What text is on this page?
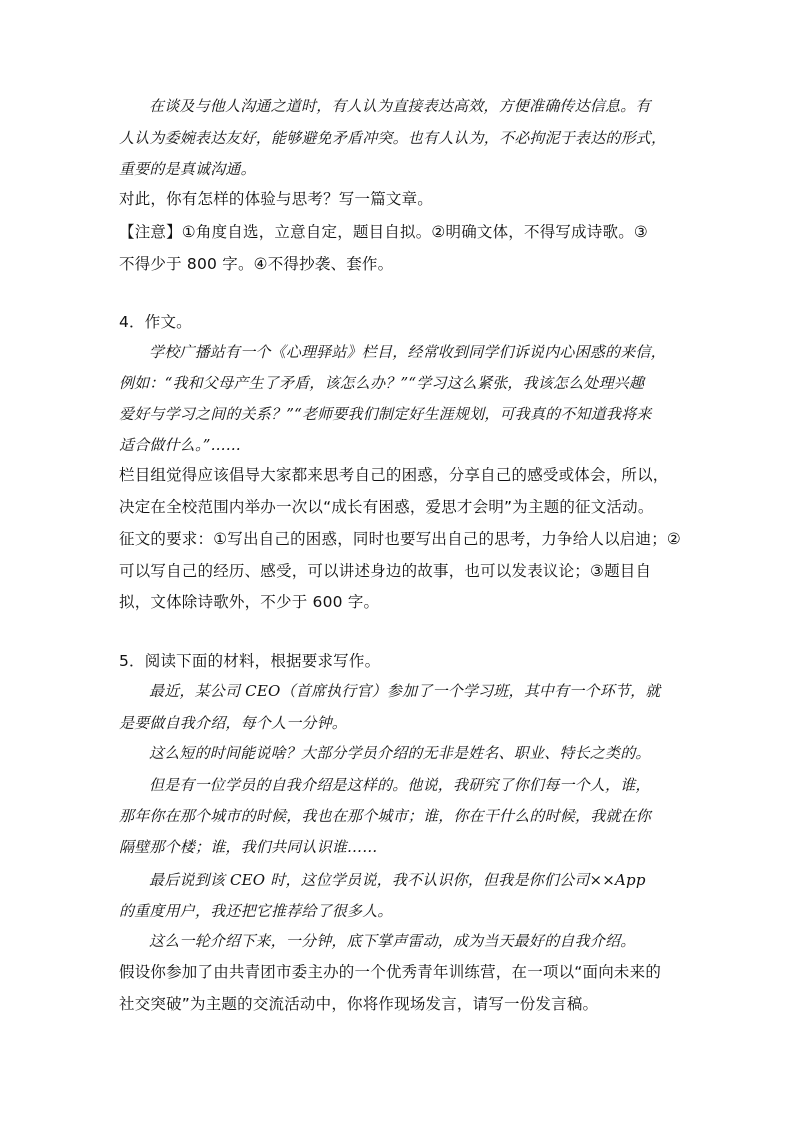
在谈及与他人沟通之道时，有人认为直接表达高效，方便准确传达信息。有
人认为委婉表达友好，能够避免矛盾冲突。也有人认为，不必拘泥于表达的形式，
重要的是真诚沟通。
对此，你有怎样的体验与思考？写一篇文章。
【注意】①角度自选，立意自定，题目自拟。②明确文体，不得写成诗歌。③
不得少于 800 字。④不得抄袭、套作。
4．作文。
学校广播站有一个《心理驿站》栏目，经常收到同学们诉说内心困惑的来信，
例如：“我和父母产生了矛盾，该怎么办？”“学习这么紧张，我该怎么处理兴趣
爱好与学习之间的关系？”“老师要我们制定好生涯规划，可我真的不知道我将来
适合做什么。”……
栏目组觉得应该倡导大家都来思考自己的困惑，分享自己的感受或体会，所以，
决定在全校范围内举办一次以“成长有困惑，爱思才会明”为主题的征文活动。
征文的要求：①写出自己的困惑，同时也要写出自己的思考，力争给人以启迪；②
可以写自己的经历、感受，可以讲述身边的故事，也可以发表议论；③题目自
拟，文体除诗歌外，不少于 600 字。
5．阅读下面的材料，根据要求写作。
最近，某公司 CEO（首席执行官）参加了一个学习班，其中有一个环节，就
是要做自我介绍，每个人一分钟。
这么短的时间能说啥？大部分学员介绍的无非是姓名、职业、特长之类的。
但是有一位学员的自我介绍是这样的。他说，我研究了你们每一个人，谁，
那年你在那个城市的时候，我也在那个城市；谁，你在干什么的时候，我就在你
隔壁那个楼；谁，我们共同认识谁……
最后说到该 CEO 时，这位学员说，我不认识你，但我是你们公司××App
的重度用户，我还把它推荐给了很多人。
这么一轮介绍下来，一分钟，底下掌声雷动，成为当天最好的自我介绍。
假设你参加了由共青团市委主办的一个优秀青年训练营，在一项以“面向未来的
社交突破”为主题的交流活动中，你将作现场发言，请写一份发言稿。
